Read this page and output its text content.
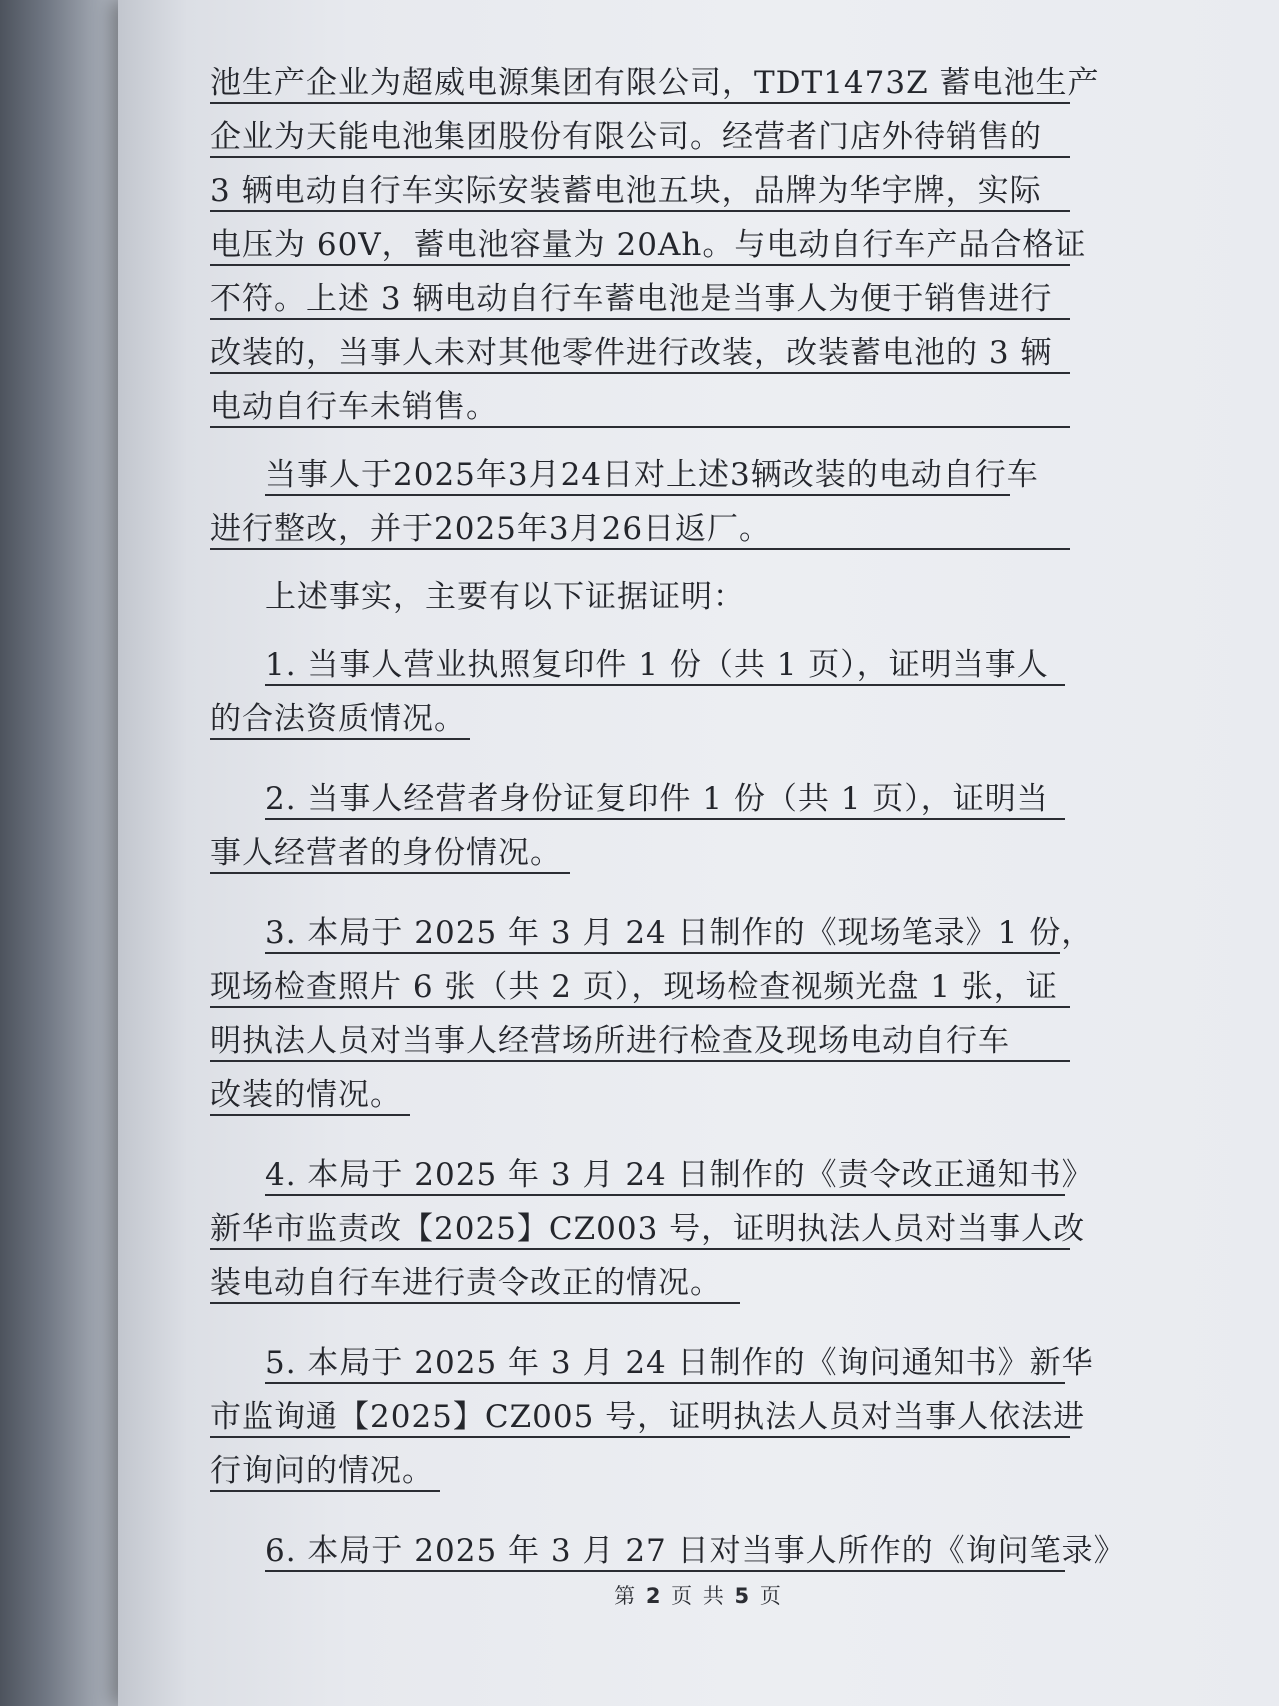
池生产企业为超威电源集团有限公司，TDT1473Z 蓄电池生产
企业为天能电池集团股份有限公司。经营者门店外待销售的
3 辆电动自行车实际安装蓄电池五块，品牌为华宇牌，实际
电压为 60V，蓄电池容量为 20Ah。与电动自行车产品合格证
不符。上述 3 辆电动自行车蓄电池是当事人为便于销售进行
改装的，当事人未对其他零件进行改装，改装蓄电池的 3 辆
电动自行车未销售。
当事人于2025年3月24日对上述3辆改装的电动自行车
进行整改，并于2025年3月26日返厂。
上述事实，主要有以下证据证明：
1. 当事人营业执照复印件 1 份（共 1 页），证明当事人
的合法资质情况。
2. 当事人经营者身份证复印件 1 份（共 1 页），证明当
事人经营者的身份情况。
3. 本局于 2025 年 3 月 24 日制作的《现场笔录》1 份，
现场检查照片 6 张（共 2 页），现场检查视频光盘 1 张，证
明执法人员对当事人经营场所进行检查及现场电动自行车
改装的情况。
4. 本局于 2025 年 3 月 24 日制作的《责令改正通知书》
新华市监责改【2025】CZ003 号，证明执法人员对当事人改
装电动自行车进行责令改正的情况。
5. 本局于 2025 年 3 月 24 日制作的《询问通知书》新华
市监询通【2025】CZ005 号，证明执法人员对当事人依法进
行询问的情况。
6. 本局于 2025 年 3 月 27 日对当事人所作的《询问笔录》
第 2 页 共 5 页
